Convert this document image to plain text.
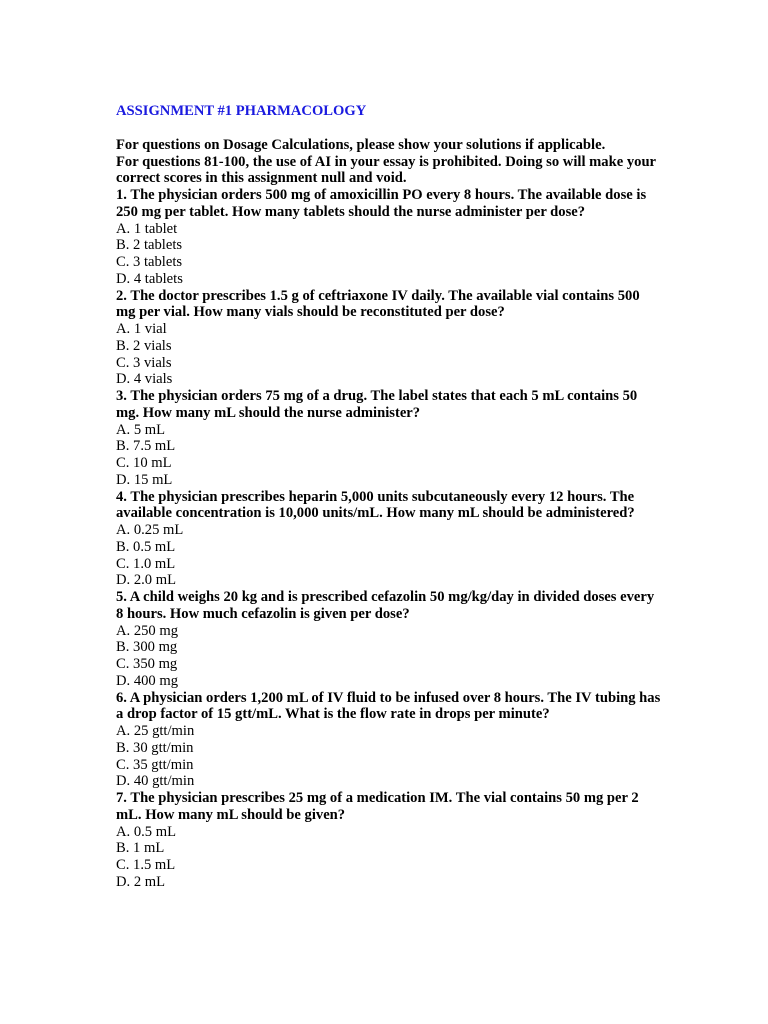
ASSIGNMENT #1 PHARMACOLOGY
For questions on Dosage Calculations, please show your solutions if applicable.
For questions 81-100, the use of AI in your essay is prohibited. Doing so will make your correct scores in this assignment null and void.
1. The physician orders 500 mg of amoxicillin PO every 8 hours. The available dose is 250 mg per tablet. How many tablets should the nurse administer per dose?
A. 1 tablet
B. 2 tablets
C. 3 tablets
D. 4 tablets
2. The doctor prescribes 1.5 g of ceftriaxone IV daily. The available vial contains 500 mg per vial. How many vials should be reconstituted per dose?
A. 1 vial
B. 2 vials
C. 3 vials
D. 4 vials
3. The physician orders 75 mg of a drug. The label states that each 5 mL contains 50 mg. How many mL should the nurse administer?
A. 5 mL
B. 7.5 mL
C. 10 mL
D. 15 mL
4. The physician prescribes heparin 5,000 units subcutaneously every 12 hours. The available concentration is 10,000 units/mL. How many mL should be administered?
A. 0.25 mL
B. 0.5 mL
C. 1.0 mL
D. 2.0 mL
5. A child weighs 20 kg and is prescribed cefazolin 50 mg/kg/day in divided doses every 8 hours. How much cefazolin is given per dose?
A. 250 mg
B. 300 mg
C. 350 mg
D. 400 mg
6. A physician orders 1,200 mL of IV fluid to be infused over 8 hours. The IV tubing has a drop factor of 15 gtt/mL. What is the flow rate in drops per minute?
A. 25 gtt/min
B. 30 gtt/min
C. 35 gtt/min
D. 40 gtt/min
7. The physician prescribes 25 mg of a medication IM. The vial contains 50 mg per 2 mL. How many mL should be given?
A. 0.5 mL
B. 1 mL
C. 1.5 mL
D. 2 mL
